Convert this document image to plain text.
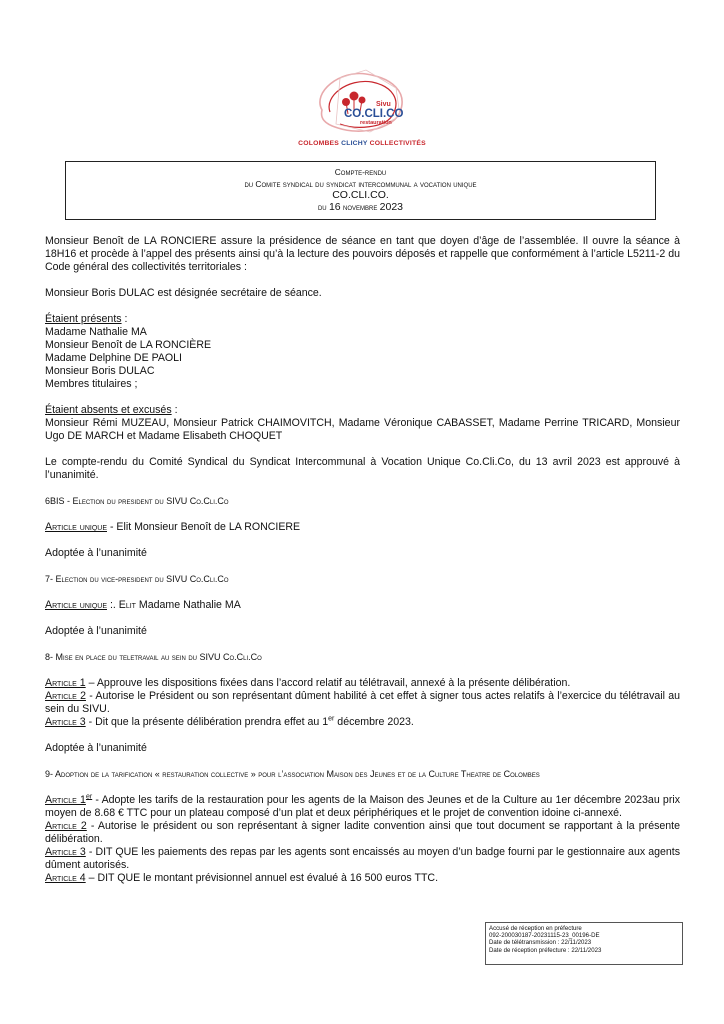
Sivu
CO.CLI.CO
restauration
COLOMBES CLICHY COLLECTIVITÉS
Compte-rendu
du Comite syndical du syndicat intercommunal a vocation unique
CO.CLI.CO.
du 16 novembre 2023

Monsieur Benoît de LA RONCIERE assure la présidence de séance en tant que doyen d’âge de l’assemblée. Il ouvre la séance à 18H16 et procède à l’appel des présents ainsi qu’à la lecture des pouvoirs déposés et rappelle que conformément à l’article L5211-2 du Code général des collectivités territoriales :

Monsieur Boris DULAC est désignée secrétaire de séance.

Étaient présents :
Madame Nathalie MA
Monsieur Benoît de LA RONCIÈRE
Madame Delphine DE PAOLI
Monsieur Boris DULAC
Membres titulaires ;

Étaient absents et excusés :
Monsieur Rémi MUZEAU, Monsieur Patrick CHAIMOVITCH, Madame Véronique CABASSET, Madame Perrine TRICARD, Monsieur Ugo DE MARCH et Madame Elisabeth CHOQUET

Le compte-rendu du Comité Syndical du Syndicat Intercommunal à Vocation Unique Co.Cli.Co, du 13 avril 2023 est approuvé à l’unanimité.

6BIS - Election du president du SIVU Co.Cli.Co

Article unique - Elit Monsieur Benoît de LA RONCIERE

Adoptée à l’unanimité

7- Election du vice-president du SIVU Co.Cli.Co

Article unique :. Elit Madame Nathalie MA

Adoptée à l’unanimité

8- Mise en place du teletravail au sein du SIVU Co.Cli.Co

Article 1 – Approuve les dispositions fixées dans l’accord relatif au télétravail, annexé à la présente délibération.
Article 2 - Autorise le Président ou son représentant dûment habilité à cet effet à signer tous actes relatifs à l’exercice du télétravail au sein du SIVU.
Article 3 - Dit que la présente délibération prendra effet au 1er décembre 2023.

Adoptée à l’unanimité

9- Adoption de la tarification « restauration collective » pour l’association Maison des Jeunes et de la Culture Theatre de Colombes

Article 1er - Adopte les tarifs de la restauration pour les agents de la Maison des Jeunes et de la Culture au 1er décembre 2023au prix moyen de 8.68 € TTC pour un plateau composé d’un plat et deux périphériques et le projet de convention idoine ci-annexé.
Article 2 - Autorise le président ou son représentant à signer ladite convention ainsi que tout document se rapportant à la présente délibération.
Article 3 - DIT QUE les paiements des repas par les agents sont encaissés au moyen d’un badge fourni par le gestionnaire aux agents dûment autorisés.
Article 4 – DIT QUE le montant prévisionnel annuel est évalué à 16 500 euros TTC.

Accusé de réception en préfecture
092-200030187-20231115-23_00196-DE
Date de télétransmission : 22/11/2023
Date de réception préfecture : 22/11/2023
